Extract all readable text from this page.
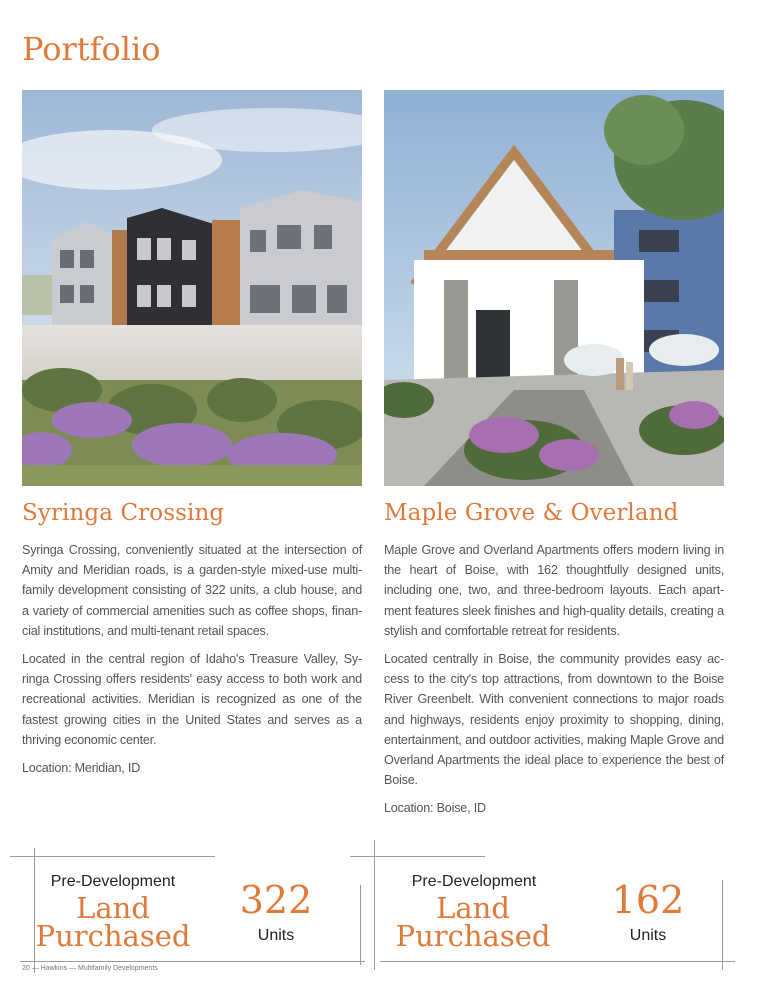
Portfolio
Syringa Crossing

Syringa Crossing, conveniently situated at the intersection of Amity and Meridian roads, is a garden-style mixed-use multi-family development consisting of 322 units, a club house, and a variety of commercial amenities such as coffee shops, finan-cial institutions, and multi-tenant retail spaces.

Located in the central region of Idaho's Treasure Valley, Sy-ringa Crossing offers residents' easy access to both work and recreational activities. Meridian is recognized as one of the fastest growing cities in the United States and serves as a thriving economic center.

Location: Meridian, ID

Maple Grove & Overland

Maple Grove and Overland Apartments offers modern living in the heart of Boise, with 162 thoughtfully designed units, including one, two, and three-bedroom layouts. Each apart-ment features sleek finishes and high-quality details, creating a stylish and comfortable retreat for residents.

Located centrally in Boise, the community provides easy ac-cess to the city's top attractions, from downtown to the Boise River Greenbelt. With convenient connections to major roads and highways, residents enjoy proximity to shopping, dining, entertainment, and outdoor activities, making Maple Grove and Overland Apartments the ideal place to experience the best of Boise.

Location: Boise, ID

Pre-Development
Land
Purchased
322
Units
Pre-Development
Land
Purchased
162
Units
20 — Hawkins — Multifamily Developments
